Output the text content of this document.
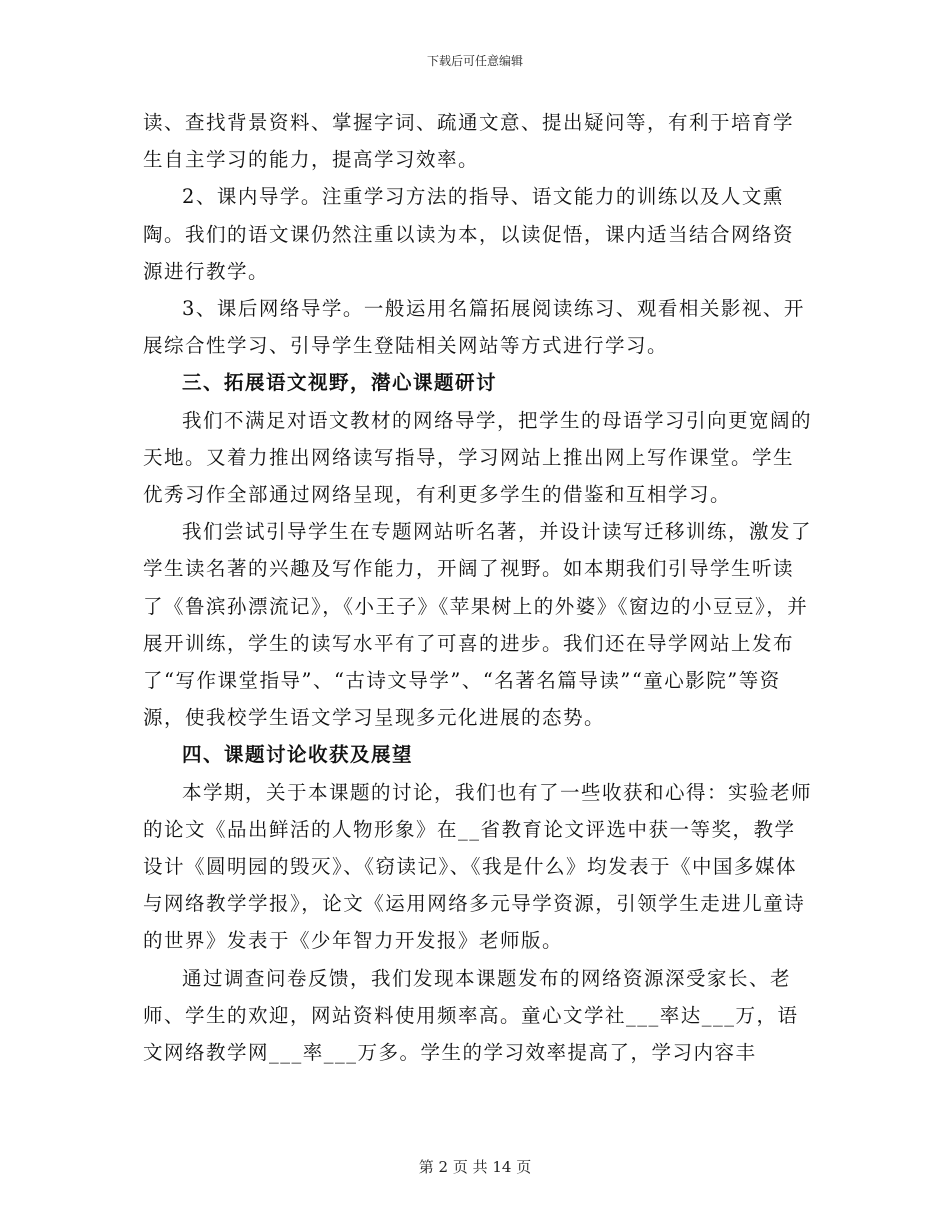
下载后可任意编辑

读、查找背景资料、掌握字词、疏通文意、提出疑问等，有利于培育学生自主学习的能力，提高学习效率。

2、课内导学。注重学习方法的指导、语文能力的训练以及人文熏陶。我们的语文课仍然注重以读为本，以读促悟，课内适当结合网络资源进行教学。

3、课后网络导学。一般运用名篇拓展阅读练习、观看相关影视、开展综合性学习、引导学生登陆相关网站等方式进行学习。

三、拓展语文视野，潜心课题研讨

我们不满足对语文教材的网络导学，把学生的母语学习引向更宽阔的天地。又着力推出网络读写指导，学习网站上推出网上写作课堂。学生优秀习作全部通过网络呈现，有利更多学生的借鉴和互相学习。

我们尝试引导学生在专题网站听名著，并设计读写迁移训练，激发了学生读名著的兴趣及写作能力，开阔了视野。如本期我们引导学生听读了《鲁滨孙漂流记》，《小王子》《苹果树上的外婆》《窗边的小豆豆》，并展开训练，学生的读写水平有了可喜的进步。我们还在导学网站上发布了“写作课堂指导”、“古诗文导学”、“名著名篇导读”“童心影院”等资源，使我校学生语文学习呈现多元化进展的态势。

四、课题讨论收获及展望

本学期，关于本课题的讨论，我们也有了一些收获和心得：实验老师的论文《品出鲜活的人物形象》在__省教育论文评选中获一等奖，教学设计《圆明园的毁灭》、《窃读记》、《我是什么》均发表于《中国多媒体与网络教学学报》，论文《运用网络多元导学资源，引领学生走进儿童诗的世界》发表于《少年智力开发报》老师版。

通过调查问卷反馈，我们发现本课题发布的网络资源深受家长、老师、学生的欢迎，网站资料使用频率高。童心文学社___率达___万，语文网络教学网___率___万多。学生的学习效率提高了，学习内容丰

第 2 页 共 14 页
